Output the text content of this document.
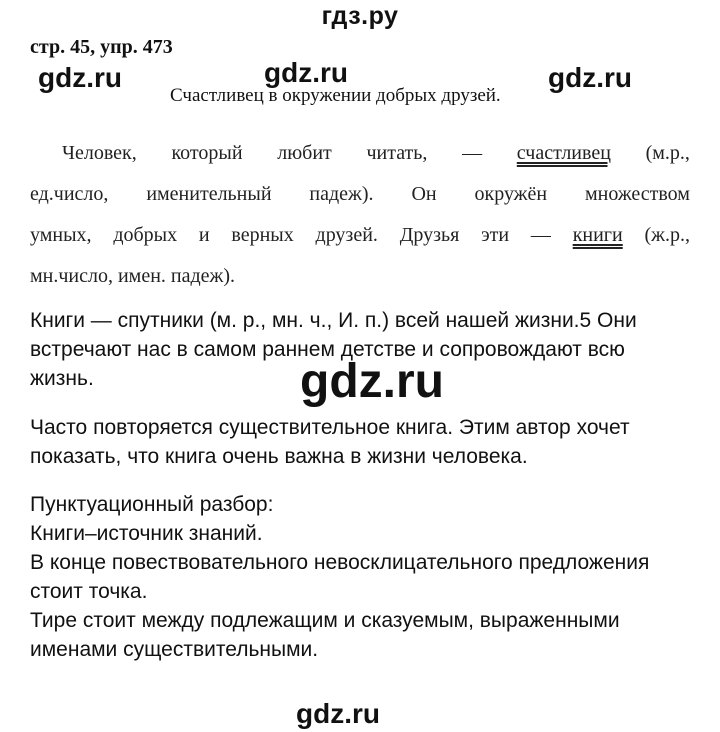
гдз.ру
стр. 45, упр. 473
gdz.ru	gdz.ru	gdz.ru
Счастливец в окружении добрых друзей.
Человек, который любит читать, — счастливец (м.р.,
ед.число, именительный падеж). Он окружён множеством
умных, добрых и верных друзей. Друзья эти — книги (ж.р.,
мн.число, имен. падеж).
Книги — спутники (м. р., мн. ч., И. п.) всей нашей жизни.5 Они
встречают нас в самом раннем детстве и сопровождают всю
жизнь.	gdz.ru
Часто повторяется существительное книга. Этим автор хочет
показать, что книга очень важна в жизни человека.
Пунктуационный разбор:
Книги–источник знаний.
В конце повествовательного невосклицательного предложения
стоит точка.
Тире стоит между подлежащим и сказуемым, выраженными
именами существительными.
gdz.ru
